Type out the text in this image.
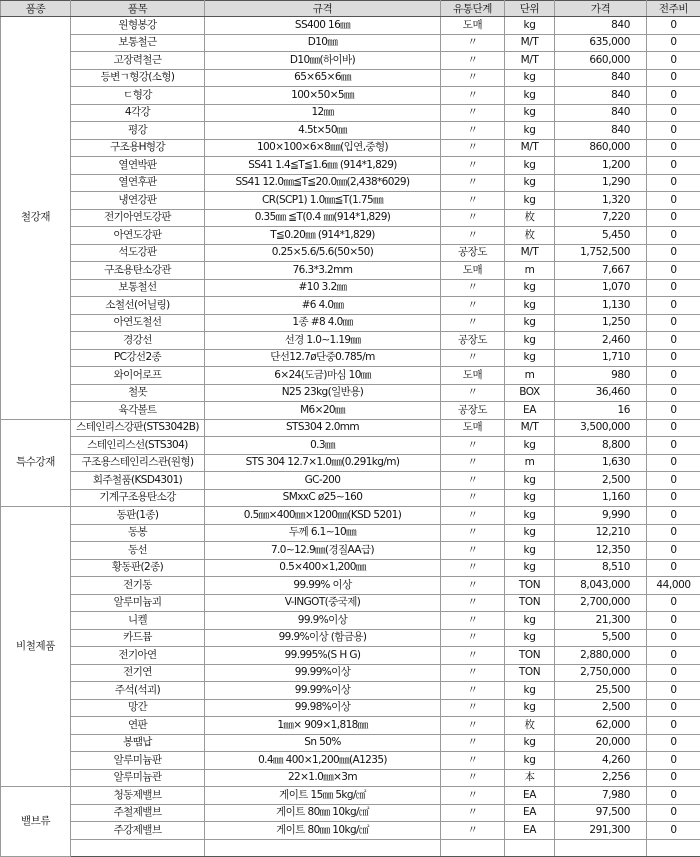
품종	품목	규격	유통단계	단위	가격	전주비
철강재	원형봉강	SS400 16㎜	도매	kg	840	0
	보통철근	D10㎜	〃	M/T	635,000	0
	고장력철근	D10㎜(하이바)	〃	M/T	660,000	0
	등변ㄱ형강(소형)	65×65×6㎜	〃	kg	840	0
	ㄷ형강	100×50×5㎜	〃	kg	840	0
	4각강	12㎜	〃	kg	840	0
	평강	4.5t×50㎜	〃	kg	840	0
	구조용H형강	100×100×6×8㎜(입연,중형)	〃	M/T	860,000	0
	열연박판	SS41 1.4≦T≦1.6㎜ (914*1,829)	〃	kg	1,200	0
	열연후판	SS41 12.0㎜≦T≦20.0㎜(2,438*6029)	〃	kg	1,290	0
	냉연강판	CR(SCP1) 1.0㎜≦T(1.75㎜	〃	kg	1,320	0
	전기아연도강판	0.35㎜ ≦T(0.4 ㎜(914*1,829)	〃	枚	7,220	0
	아연도강판	T≦0.20㎜ (914*1,829)	〃	枚	5,450	0
	석도강판	0.25×5.6/5.6(50×50)	공장도	M/T	1,752,500	0
	구조용탄소강관	76.3*3.2mm	도매	m	7,667	0
	보통철선	#10 3.2㎜	〃	kg	1,070	0
	소철선(어닐링)	#6 4.0㎜	〃	kg	1,130	0
	아연도철선	1종 #8 4.0㎜	〃	kg	1,250	0
	경강선	선경 1.0∼1.19㎜	공장도	kg	2,460	0
	PC강선2종	단선12.7ø단중0.785/m	〃	kg	1,710	0
	와이어로프	6×24(도금)마심 10㎜	도매	m	980	0
	철못	N25 23kg(일반용)	〃	BOX	36,460	0
	육각볼트	M6×20㎜	공장도	EA	16	0
특수강재	스테인리스강판(STS3042B)	STS304 2.0mm	도매	M/T	3,500,000	0
	스테인리스선(STS304)	0.3㎜	〃	kg	8,800	0
	구조용스테인리스관(원형)	STS 304 12.7×1.0㎜(0.291kg/m)	〃	m	1,630	0
	회주철품(KSD4301)	GC-200	〃	kg	2,500	0
	기계구조용탄소강	SMxxC ø25∼160	〃	kg	1,160	0
비철제품	동판(1종)	0.5㎜×400㎜×1200㎜(KSD 5201)	〃	kg	9,990	0
	동봉	두께 6.1∼10㎜	〃	kg	12,210	0
	동선	7.0∼12.9㎜(경질AA급)	〃	kg	12,350	0
	황동판(2종)	0.5×400×1,200㎜	〃	kg	8,510	0
	전기동	99.99% 이상	〃	TON	8,043,000	44,000
	알루미늄괴	V-INGOT(중국제)	〃	TON	2,700,000	0
	니켈	99.9%이상	〃	kg	21,300	0
	카드뮴	99.9%이상 (함금용)	〃	kg	5,500	0
	전기아연	99.995%(S H G)	〃	TON	2,880,000	0
	전기연	99.99%이상	〃	TON	2,750,000	0
	주석(석괴)	99.99%이상	〃	kg	25,500	0
	망간	99.98%이상	〃	kg	2,500	0
	연판	1㎜× 909×1,818㎜	〃	枚	62,000	0
	봉땜납	Sn 50%	〃	kg	20,000	0
	알루미늄판	0.4㎜ 400×1,200㎜(A1235)	〃	kg	4,260	0
	알루미늄관	22×1.0㎜×3m	〃	本	2,256	0
밸브류	청동제밸브	게이트 15㎜ 5kg/㎠	〃	EA	7,980	0
	주철제밸브	게이트 80㎜ 10kg/㎠	〃	EA	97,500	0
	주강제밸브	게이트 80㎜ 10kg/㎠	〃	EA	291,300	0
